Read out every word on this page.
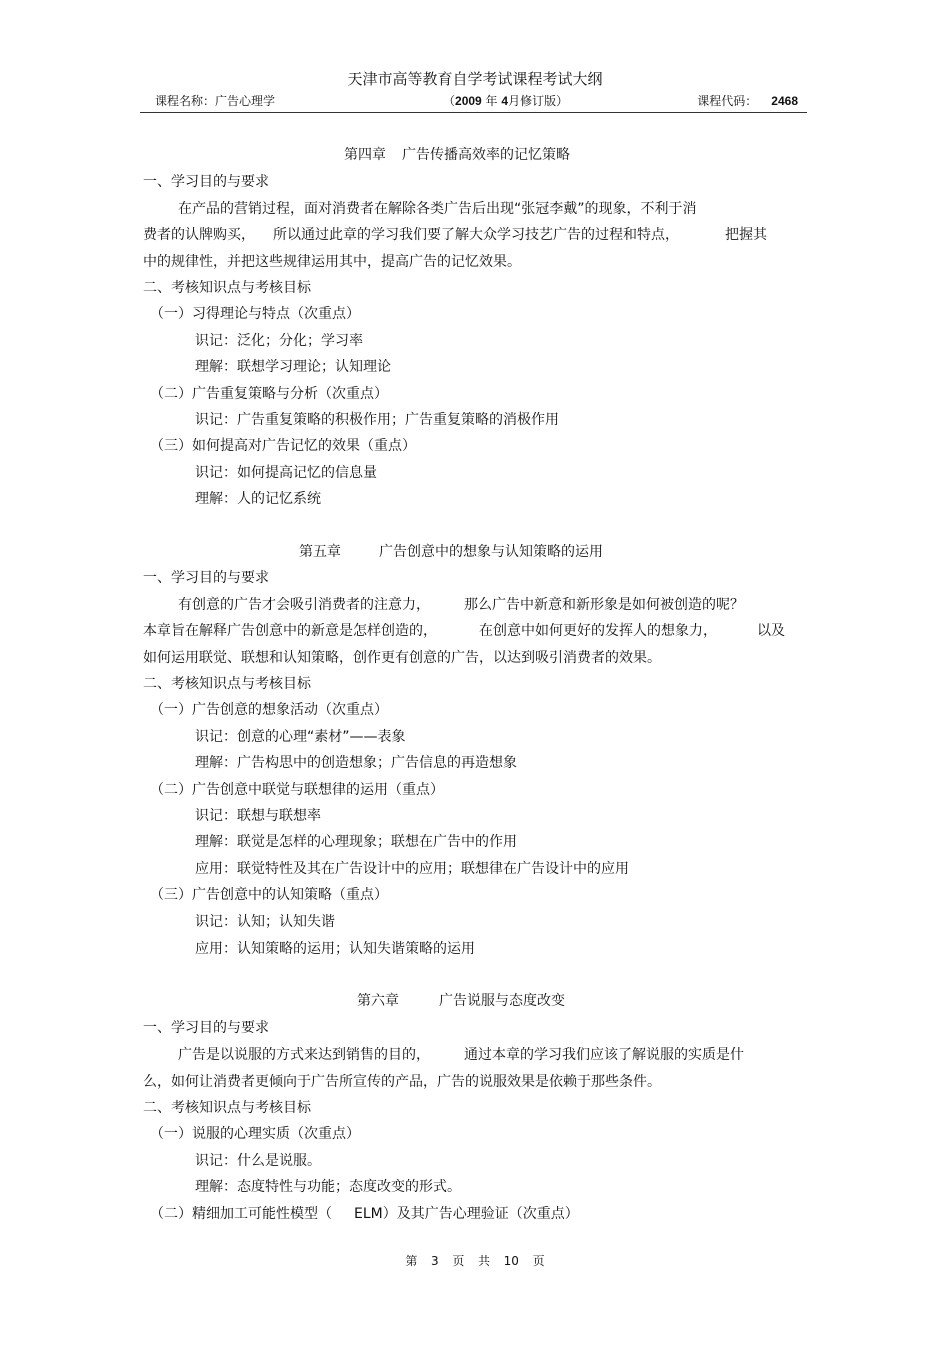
天津市高等教育自学考试课程考试大纲
课程名称：广告心理学	（2009 年 4月修订版）	课程代码： 2468
第四章 广告传播高效率的记忆策略
一、学习目的与要求
在产品的营销过程，面对消费者在解除各类广告后出现“张冠李戴”的现象，不利于消
费者的认牌购买， 所以通过此章的学习我们要了解大众学习技艺广告的过程和特点，	把握其
中的规律性，并把这些规律运用其中，提高广告的记忆效果。
二、考核知识点与考核目标
（一）习得理论与特点（次重点）
识记：泛化；分化；学习率
理解：联想学习理论；认知理论
（二）广告重复策略与分析（次重点）
识记：广告重复策略的积极作用；广告重复策略的消极作用
（三）如何提高对广告记忆的效果（重点）
识记：如何提高记忆的信息量
理解：人的记忆系统
第五章	广告创意中的想象与认知策略的运用
一、学习目的与要求
有创意的广告才会吸引消费者的注意力， 那么广告中新意和新形象是如何被创造的呢？
本章旨在解释广告创意中的新意是怎样创造的，	在创意中如何更好的发挥人的想象力，	以及
如何运用联觉、联想和认知策略，创作更有创意的广告，以达到吸引消费者的效果。
二、考核知识点与考核目标
（一）广告创意的想象活动（次重点）
识记：创意的心理“素材”——表象
理解：广告构思中的创造想象；广告信息的再造想象
（二）广告创意中联觉与联想律的运用（重点）
识记：联想与联想率
理解：联觉是怎样的心理现象；联想在广告中的作用
应用：联觉特性及其在广告设计中的应用；联想律在广告设计中的应用
（三）广告创意中的认知策略（重点）
识记：认知；认知失谐
应用：认知策略的运用；认知失谐策略的运用
第六章	广告说服与态度改变
一、学习目的与要求
广告是以说服的方式来达到销售的目的， 通过本章的学习我们应该了解说服的实质是什
么，如何让消费者更倾向于广告所宣传的产品，广告的说服效果是依赖于那些条件。
二、考核知识点与考核目标
（一）说服的心理实质（次重点）
识记：什么是说服。
理解：态度特性与功能；态度改变的形式。
（二）精细加工可能性模型（ ELM）及其广告心理验证（次重点）
第 3 页 共 10 页
